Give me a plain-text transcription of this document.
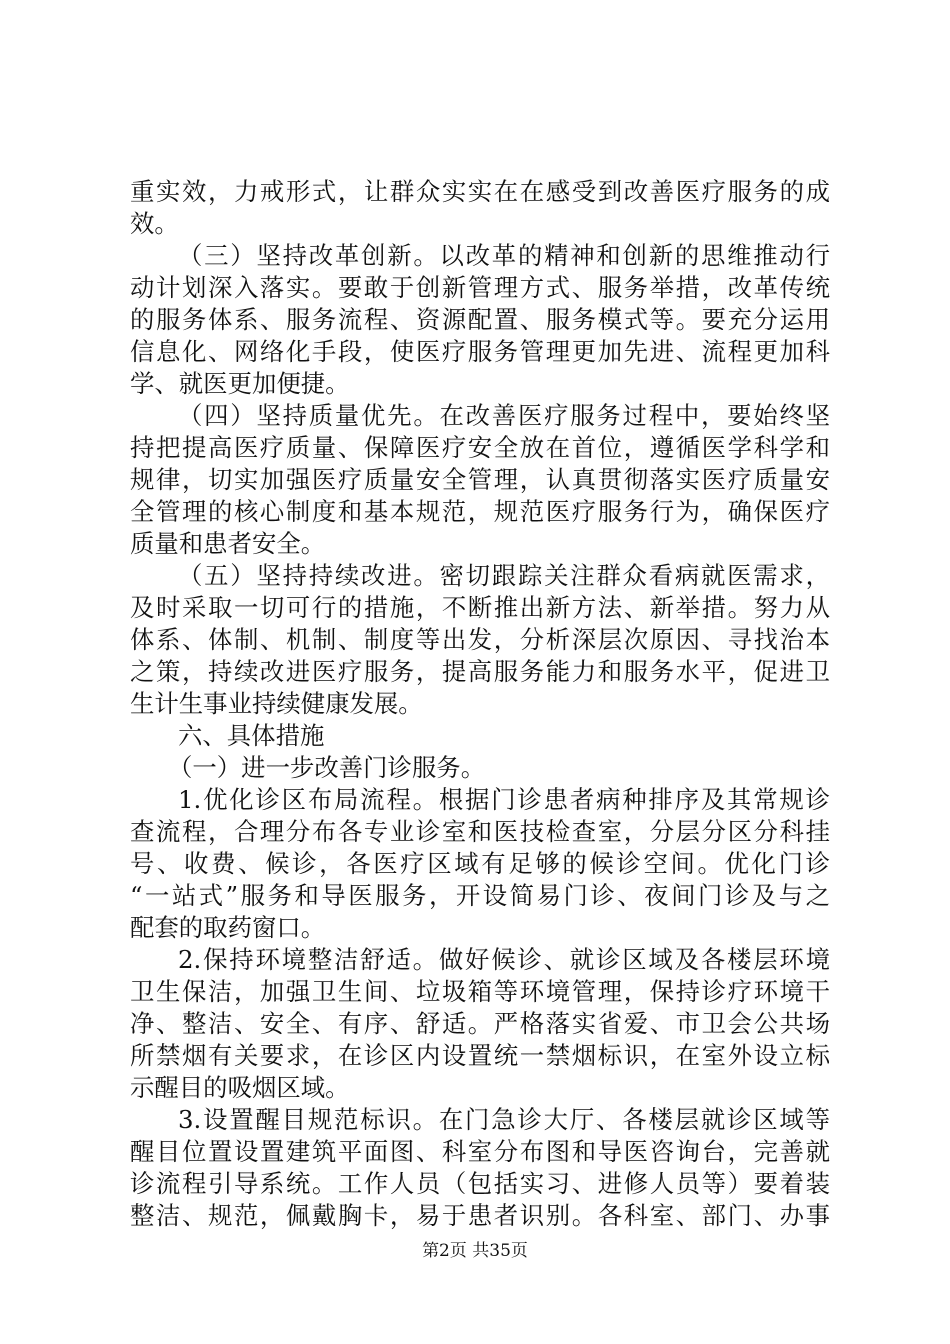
重实效，力戒形式，让群众实实在在感受到改善医疗服务的成
效。
（三）坚持改革创新。以改革的精神和创新的思维推动行
动计划深入落实。要敢于创新管理方式、服务举措，改革传统
的服务体系、服务流程、资源配置、服务模式等。要充分运用
信息化、网络化手段，使医疗服务管理更加先进、流程更加科
学、就医更加便捷。
（四）坚持质量优先。在改善医疗服务过程中，要始终坚
持把提高医疗质量、保障医疗安全放在首位，遵循医学科学和
规律，切实加强医疗质量安全管理，认真贯彻落实医疗质量安
全管理的核心制度和基本规范，规范医疗服务行为，确保医疗
质量和患者安全。
（五）坚持持续改进。密切跟踪关注群众看病就医需求，
及时采取一切可行的措施，不断推出新方法、新举措。努力从
体系、体制、机制、制度等出发，分析深层次原因、寻找治本
之策，持续改进医疗服务，提高服务能力和服务水平，促进卫
生计生事业持续健康发展。
六、具体措施
（一）进一步改善门诊服务。
1.优化诊区布局流程。根据门诊患者病种排序及其常规诊
查流程，合理分布各专业诊室和医技检查室，分层分区分科挂
号、收费、候诊，各医疗区域有足够的候诊空间。优化门诊
“一站式”服务和导医服务，开设简易门诊、夜间门诊及与之
配套的取药窗口。
2.保持环境整洁舒适。做好候诊、就诊区域及各楼层环境
卫生保洁，加强卫生间、垃圾箱等环境管理，保持诊疗环境干
净、整洁、安全、有序、舒适。严格落实省爱、市卫会公共场
所禁烟有关要求，在诊区内设置统一禁烟标识，在室外设立标
示醒目的吸烟区域。
3.设置醒目规范标识。在门急诊大厅、各楼层就诊区域等
醒目位置设置建筑平面图、科室分布图和导医咨询台，完善就
诊流程引导系统。工作人员（包括实习、进修人员等）要着装
整洁、规范，佩戴胸卡，易于患者识别。各科室、部门、办事
第2页 共35页
